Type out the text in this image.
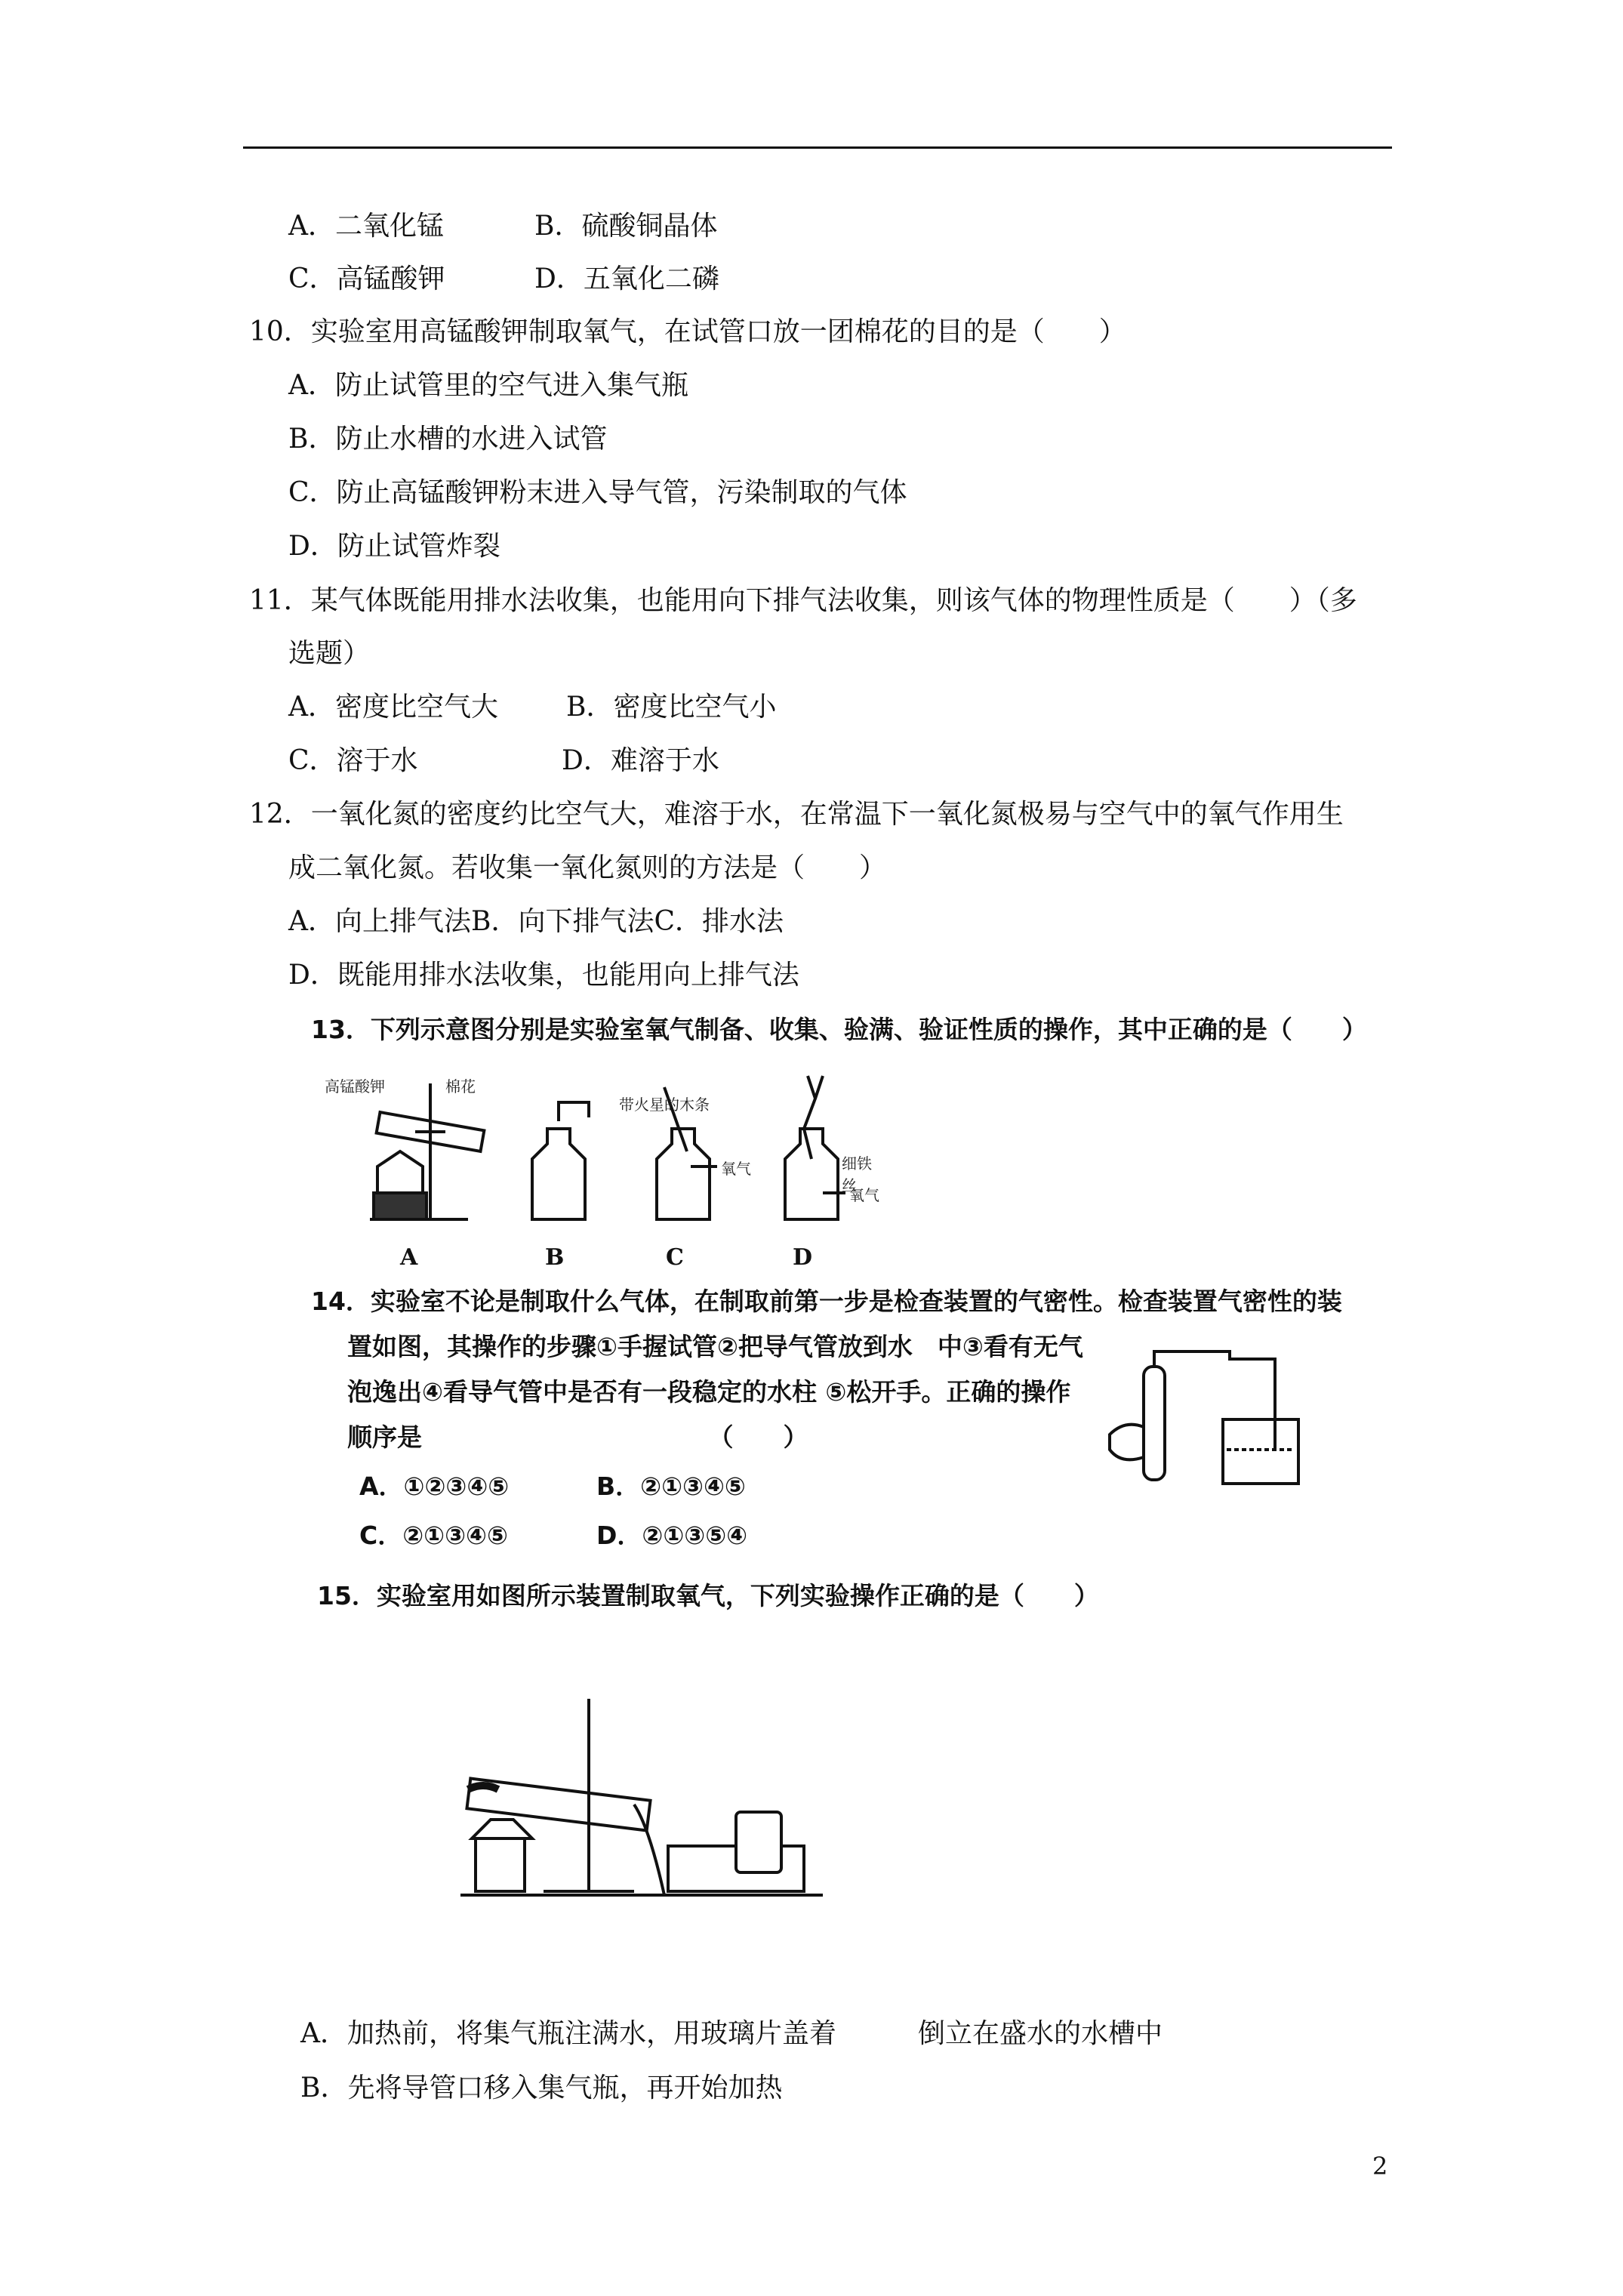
A．二氧化锰	B．硫酸铜晶体
C．高锰酸钾	D．五氧化二磷
10．实验室用高锰酸钾制取氧气，在试管口放一团棉花的目的是（　　）
A．防止试管里的空气进入集气瓶
B．防止水槽的水进入试管
C．防止高锰酸钾粉末进入导气管，污染制取的气体
D．防止试管炸裂
11．某气体既能用排水法收集，也能用向下排气法收集，则该气体的物理性质是（　　）（多
选题）
A．密度比空气大	B．密度比空气小
C．溶于水	D．难溶于水
12．一氧化氮的密度约比空气大，难溶于水，在常温下一氧化氮极易与空气中的氧气作用生
成二氧化氮。若收集一氧化氮则的方法是（　　）
A．向上排气法B．向下排气法C．排水法
D．既能用排水法收集，也能用向上排气法
13．下列示意图分别是实验室氧气制备、收集、验满、验证性质的操作，其中正确的是（　　）
高锰酸钾	棉花
带火星的木条
氧气	细铁丝
氧气
A	B	C	D
14．实验室不论是制取什么气体，在制取前第一步是检查装置的气密性。检查装置气密性的装
置如图，其操作的步骤①手握试管②把导气管放到水　中③看有无气
泡逸出④看导气管中是否有一段稳定的水柱 ⑤松开手。正确的操作
顺序是　　　　　　　　　　　　（　　）
A．①②③④⑤	B．②①③④⑤
C．②①③④⑤	D．②①③⑤④
15．实验室用如图所示装置制取氧气，下列实验操作正确的是（　　）
A．加热前，将集气瓶注满水，用玻璃片盖着　　　倒立在盛水的水槽中
B．先将导管口移入集气瓶，再开始加热
2
